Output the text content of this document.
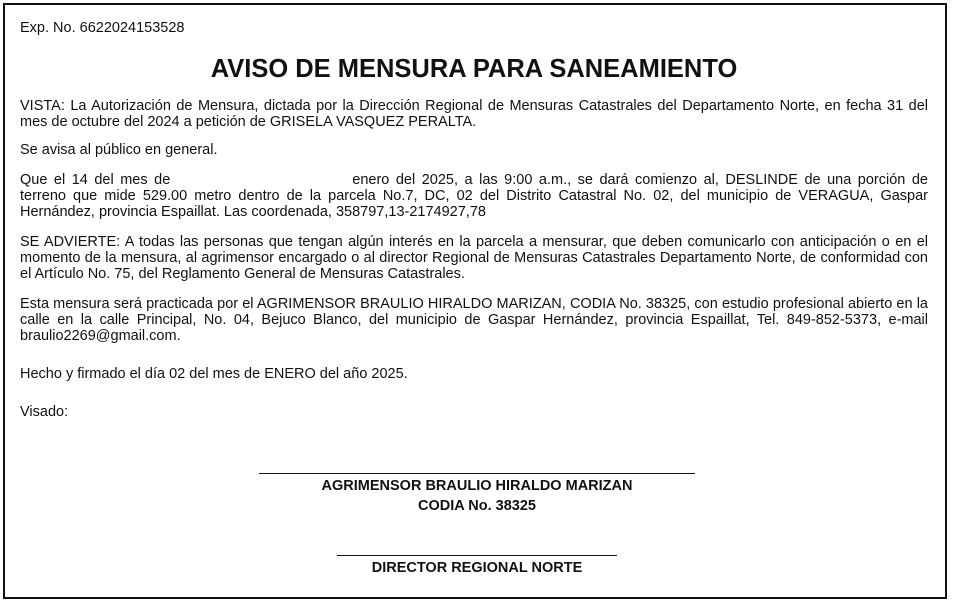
Exp. No. 6622024153528

AVISO DE MENSURA PARA SANEAMIENTO

VISTA: La Autorización de Mensura, dictada por la Dirección Regional de Mensuras Catastrales del Departamento Norte, en fecha 31 del mes de octubre del 2024 a petición de GRISELA VASQUEZ PERALTA.

Se avisa al público en general.

Que el 14 del mes de	enero del 2025, a las 9:00 a.m., se dará comienzo al, DESLINDE de una porción de terreno que mide 529.00 metro dentro de la parcela No.7, DC, 02 del Distrito Catastral No. 02, del municipio de VERAGUA, Gaspar Hernández, provincia Espaillat. Las coordenada, 358797,13-2174927,78

SE ADVIERTE: A todas las personas que tengan algún interés en la parcela a mensurar, que deben comunicarlo con anticipación o en el momento de la mensura, al agrimensor encargado o al director Regional de Mensuras Catastrales Departamento Norte, de conformidad con el Artículo No. 75, del Reglamento General de Mensuras Catastrales.

Esta mensura será practicada por el AGRIMENSOR BRAULIO HIRALDO MARIZAN, CODIA No. 38325, con estudio profesional abierto en la calle en la calle Principal, No. 04, Bejuco Blanco, del municipio de Gaspar Hernández, provincia Espaillat, Tel. 849-852-5373, e-mail braulio2269@gmail.com.

Hecho y firmado el día 02 del mes de ENERO del año 2025.

Visado:

AGRIMENSOR BRAULIO HIRALDO MARIZAN
CODIA No. 38325
DIRECTOR REGIONAL NORTE
